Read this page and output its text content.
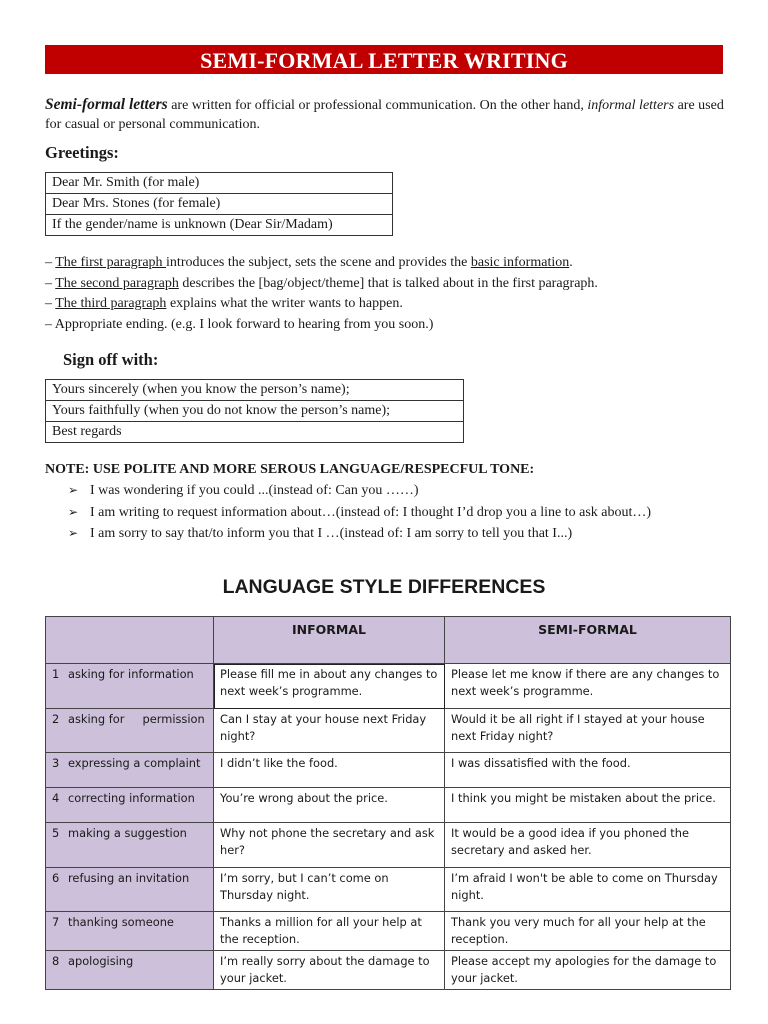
SEMI-FORMAL LETTER WRITING
Semi-formal letters are written for official or professional communication. On the other hand, informal letters are used for casual or personal communication.
Greetings:
Dear Mr. Smith (for male)
Dear Mrs. Stones (for female)
If the gender/name is unknown (Dear Sir/Madam)
– The first paragraph introduces the subject, sets the scene and provides the basic information.
– The second paragraph describes the [bag/object/theme] that is talked about in the first paragraph.
– The third paragraph explains what the writer wants to happen.
– Appropriate ending. (e.g. I look forward to hearing from you soon.)
Sign off with:
Yours sincerely (when you know the person’s name);
Yours faithfully (when you do not know the person’s name);
Best regards
NOTE: USE POLITE AND MORE SEROUS LANGUAGE/RESPECFUL TONE:
➢ I was wondering if you could ...(instead of: Can you ……)
➢ I am writing to request information about…(instead of: I thought I’d drop you a line to ask about…)
➢ I am sorry to say that/to inform you that I …(instead of: I am sorry to tell you that I...)
LANGUAGE STYLE DIFFERENCES
	INFORMAL	SEMI-FORMAL
1 asking for information	Please fill me in about any changes to next week’s programme.	Please let me know if there are any changes to next week’s programme.
2 asking for     permission	Can I stay at your house next Friday night?	Would it be all right if I stayed at your house next Friday night?
3 expressing a complaint	I didn’t like the food.	I was dissatisfied with the food.
4 correcting information	You’re wrong about the price.	I think you might be mistaken about the price.
5 making a suggestion	Why not phone the secretary and ask her?	It would be a good idea if you phoned the secretary and asked her.
6 refusing an invitation	I’m sorry, but I can’t come on Thursday night.	I’m afraid I won't be able to come on Thursday night.
7 thanking someone	Thanks a million for all your help at the reception.	Thank you very much for all your help at the reception.
8 apologising	I’m really sorry about the damage to your jacket.	Please accept my apologies for the damage to your jacket.
